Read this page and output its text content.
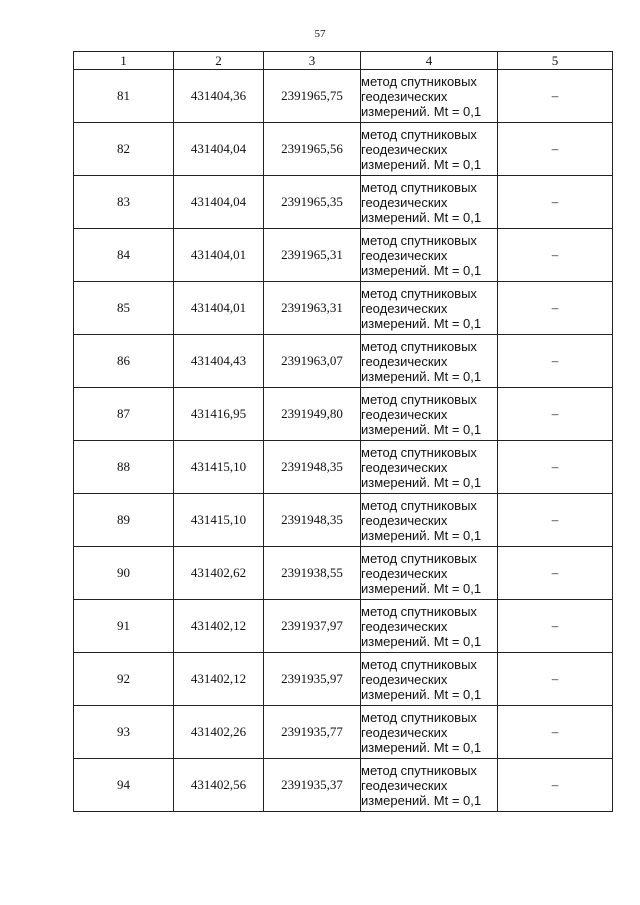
57
1	2	3	4	5
81	431404,36	2391965,75	метод спутниковых
геодезических
измерений. Mt = 0,1	–
82	431404,04	2391965,56	метод спутниковых
геодезических
измерений. Mt = 0,1	–
83	431404,04	2391965,35	метод спутниковых
геодезических
измерений. Mt = 0,1	–
84	431404,01	2391965,31	метод спутниковых
геодезических
измерений. Mt = 0,1	–
85	431404,01	2391963,31	метод спутниковых
геодезических
измерений. Mt = 0,1	–
86	431404,43	2391963,07	метод спутниковых
геодезических
измерений. Mt = 0,1	–
87	431416,95	2391949,80	метод спутниковых
геодезических
измерений. Mt = 0,1	–
88	431415,10	2391948,35	метод спутниковых
геодезических
измерений. Mt = 0,1	–
89	431415,10	2391948,35	метод спутниковых
геодезических
измерений. Mt = 0,1	–
90	431402,62	2391938,55	метод спутниковых
геодезических
измерений. Mt = 0,1	–
91	431402,12	2391937,97	метод спутниковых
геодезических
измерений. Mt = 0,1	–
92	431402,12	2391935,97	метод спутниковых
геодезических
измерений. Mt = 0,1	–
93	431402,26	2391935,77	метод спутниковых
геодезических
измерений. Mt = 0,1	–
94	431402,56	2391935,37	метод спутниковых
геодезических
измерений. Mt = 0,1	–
